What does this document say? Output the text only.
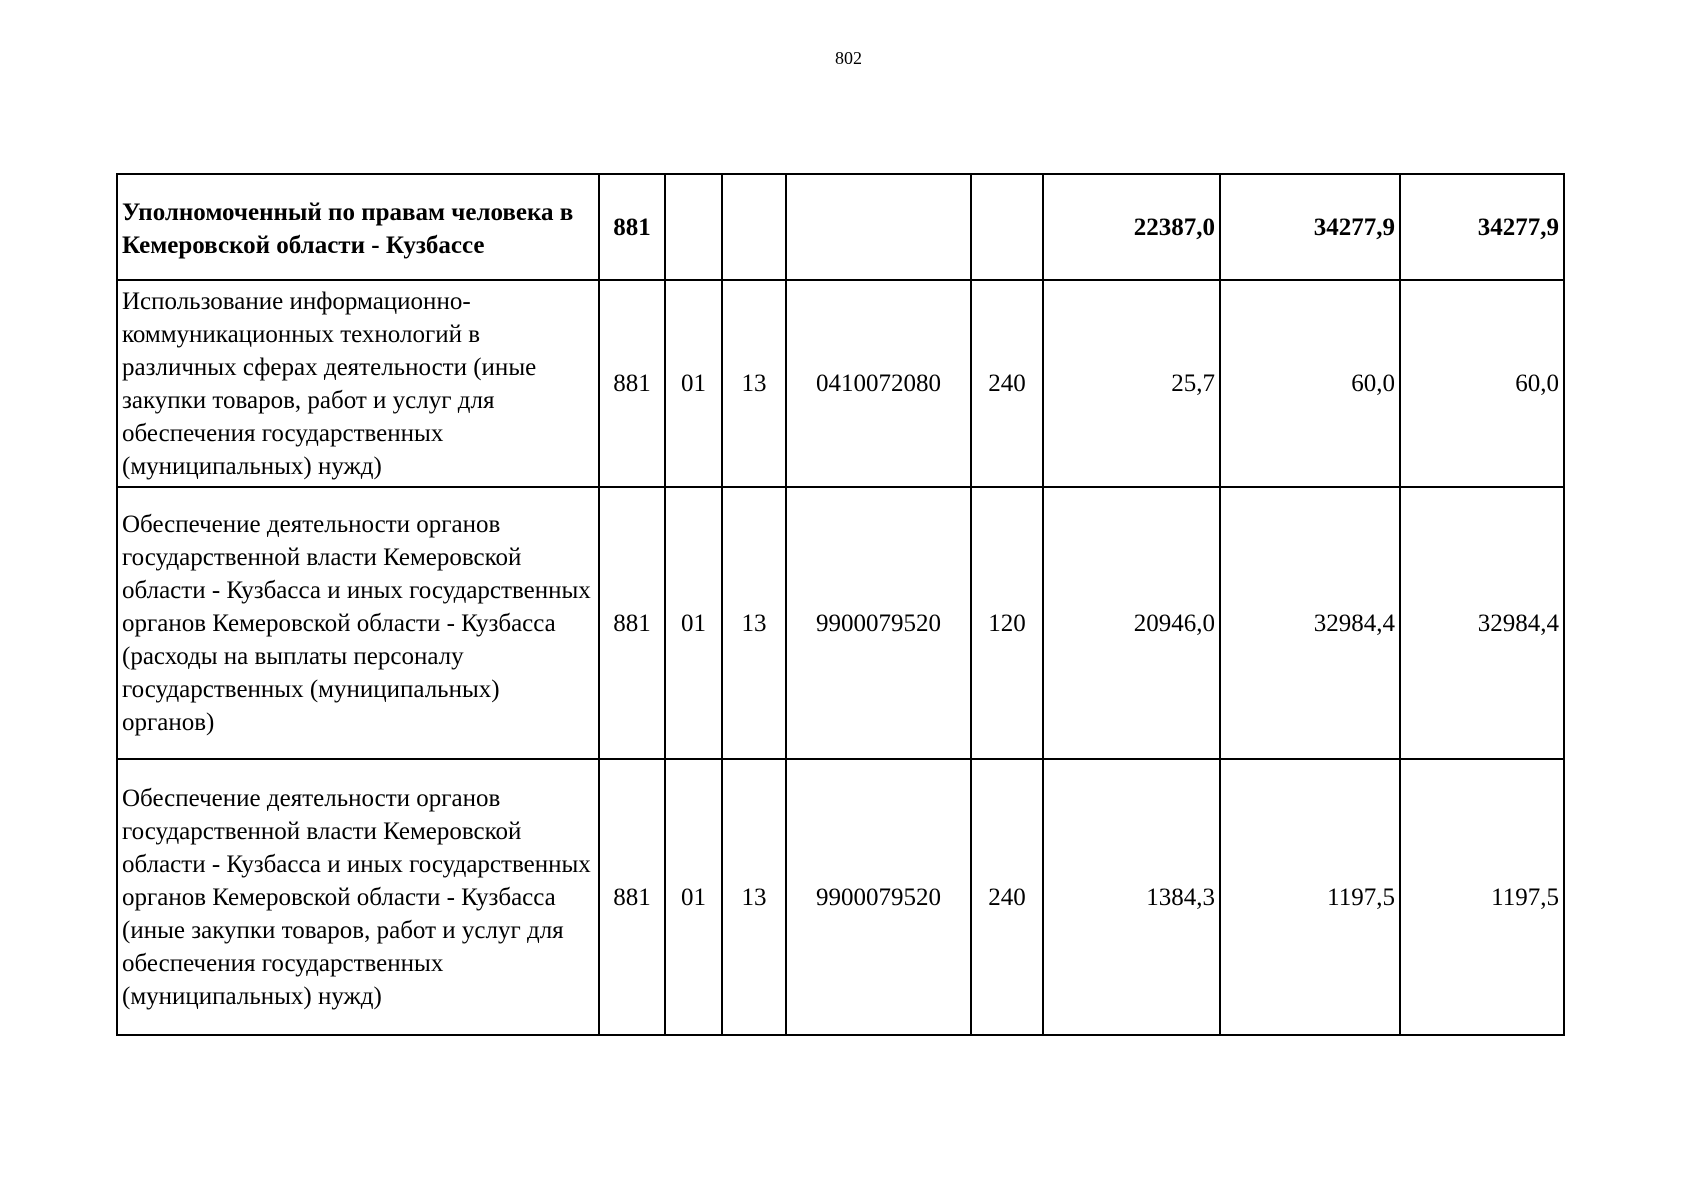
802
Уполномоченный по правам человека в Кемеровской области - Кузбассе	881					22387,0	34277,9	34277,9
Использование информационно-коммуникационных технологий в различных сферах деятельности (иные закупки товаров, работ и услуг для обеспечения государственных (муниципальных) нужд)	881	01	13	0410072080	240	25,7	60,0	60,0
Обеспечение деятельности органов государственной власти Кемеровской области - Кузбасса и иных государственных органов Кемеровской области - Кузбасса (расходы на выплаты персоналу государственных (муниципальных) органов)	881	01	13	9900079520	120	20946,0	32984,4	32984,4
Обеспечение деятельности органов государственной власти Кемеровской области - Кузбасса и иных государственных органов Кемеровской области - Кузбасса (иные закупки товаров, работ и услуг для обеспечения государственных (муниципальных) нужд)	881	01	13	9900079520	240	1384,3	1197,5	1197,5
